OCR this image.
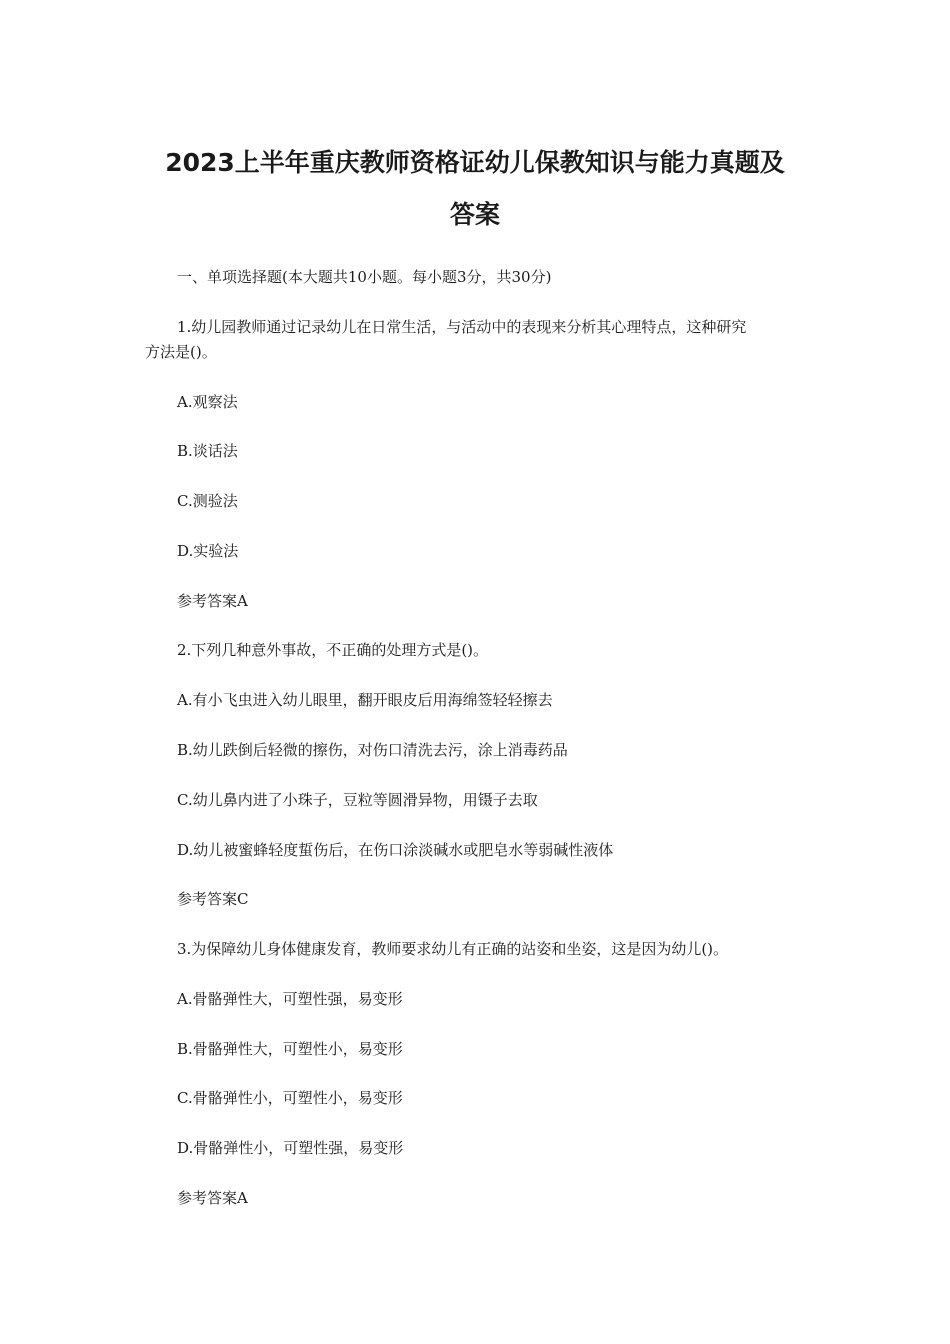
2023上半年重庆教师资格证幼儿保教知识与能力真题及
答案
一、单项选择题(本大题共10小题。每小题3分，共30分)
1.幼儿园教师通过记录幼儿在日常生活，与活动中的表现来分析其心理特点，这种研究
方法是()。
A.观察法
B.谈话法
C.测验法
D.实验法
参考答案A
2.下列几种意外事故，不正确的处理方式是()。
A.有小飞虫进入幼儿眼里，翻开眼皮后用海绵签轻轻擦去
B.幼儿跌倒后轻微的擦伤，对伤口清洗去污，涂上消毒药品
C.幼儿鼻内进了小珠子，豆粒等圆滑异物，用镊子去取
D.幼儿被蜜蜂轻度蜇伤后，在伤口涂淡碱水或肥皂水等弱碱性液体
参考答案C
3.为保障幼儿身体健康发育，教师要求幼儿有正确的站姿和坐姿，这是因为幼儿()。
A.骨骼弹性大，可塑性强，易变形
B.骨骼弹性大，可塑性小，易变形
C.骨骼弹性小，可塑性小，易变形
D.骨骼弹性小，可塑性强，易变形
参考答案A
